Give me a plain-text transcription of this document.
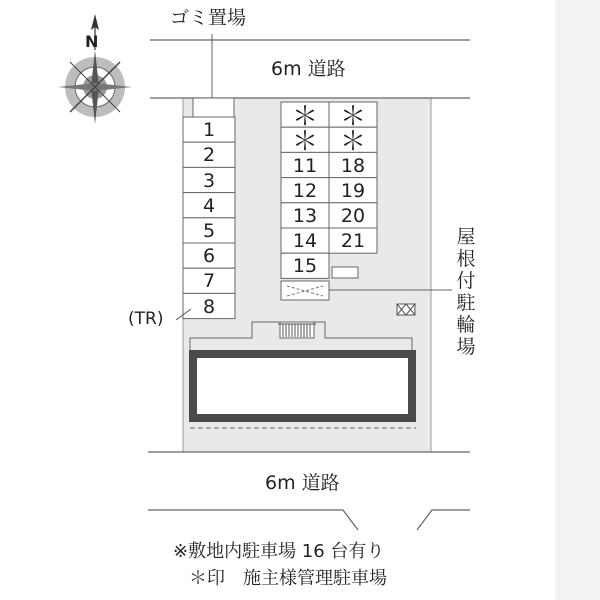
N
ゴミ置場
6m 道路
6m 道路
(TR)
屋
根
付
駐
輪
場
※敷地内駐車場 16 台有り
＊印　施主様管理駐車場
1
2
3
4
5
6
7
8
＊
＊
11
12
13
14
15
＊
＊
18
19
20
21
